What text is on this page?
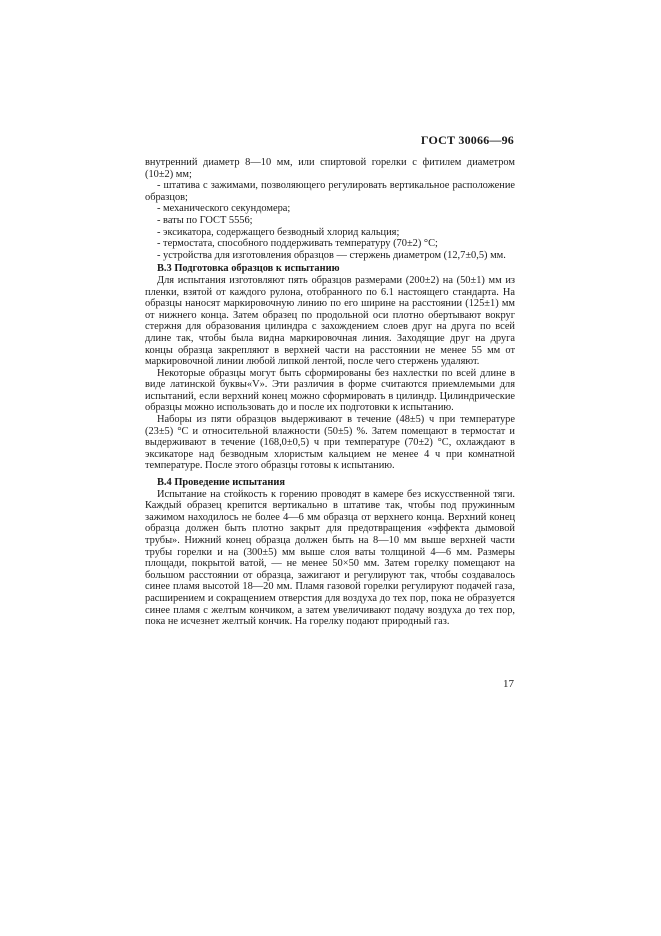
ГОСТ 30066—96

внутренний диаметр 8—10 мм, или спиртовой горелки с фитилем диаметром (10±2) мм;

- штатива с зажимами, позволяющего регулировать вертикальное расположение образцов;

- механического секундомера;

- ваты по ГОСТ 5556;

- эксикатора, содержащего безводный хлорид кальция;

- термостата, способного поддерживать температуру (70±2) °С;

- устройства для изготовления образцов — стержень диаметром (12,7±0,5) мм.

В.3 Подготовка образцов к испытанию

Для испытания изготовляют пять образцов размерами (200±2) на (50±1) мм из пленки, взятой от каждого рулона, отобранного по 6.1 настоящего стандарта. На образцы наносят маркировочную линию по его ширине на расстоянии (125±1) мм от нижнего конца. Затем образец по продольной оси плотно обертывают вокруг стержня для образования цилиндра с захождением слоев друг на друга по всей длине так, чтобы была видна маркировочная линия. Заходящие друг на друга концы образца закрепляют в верхней части на расстоянии не менее 55 мм от маркировочной линии любой липкой лентой, после чего стержень удаляют.

Некоторые образцы могут быть сформированы без нахлестки по всей длине в виде латинской буквы«V». Эти различия в форме считаются приемлемыми для испытаний, если верхний конец можно сформировать в цилиндр. Цилиндрические образцы можно использовать до и после их подготовки к испытанию.

Наборы из пяти образцов выдерживают в течение (48±5) ч при температуре (23±5) °С и относительной влажности (50±5) %. Затем помещают в термостат и выдерживают в течение (168,0±0,5) ч при температуре (70±2) °С, охлаждают в эксикаторе над безводным хлористым кальцием не менее 4 ч при комнатной температуре. После этого образцы готовы к испытанию.

В.4 Проведение испытания

Испытание на стойкость к горению проводят в камере без искусственной тяги. Каждый образец крепится вертикально в штативе так, чтобы под пружинным зажимом находилось не более 4—6 мм образца от верхнего конца. Верхний конец образца должен быть плотно закрыт для предотвращения «эффекта дымовой трубы». Нижний конец образца должен быть на 8—10 мм выше верхней части трубы горелки и на (300±5) мм выше слоя ваты толщиной 4—6 мм. Размеры площади, покрытой ватой, — не менее 50×50 мм. Затем горелку помещают на большом расстоянии от образца, зажигают и регулируют так, чтобы создавалось синее пламя высотой 18—20 мм. Пламя газовой горелки регулируют подачей газа, расширением и сокращением отверстия для воздуха до тех пор, пока не образуется синее пламя с желтым кончиком, а затем увеличивают подачу воздуха до тех пор, пока не исчезнет желтый кончик. На горелку подают природный газ.

17
